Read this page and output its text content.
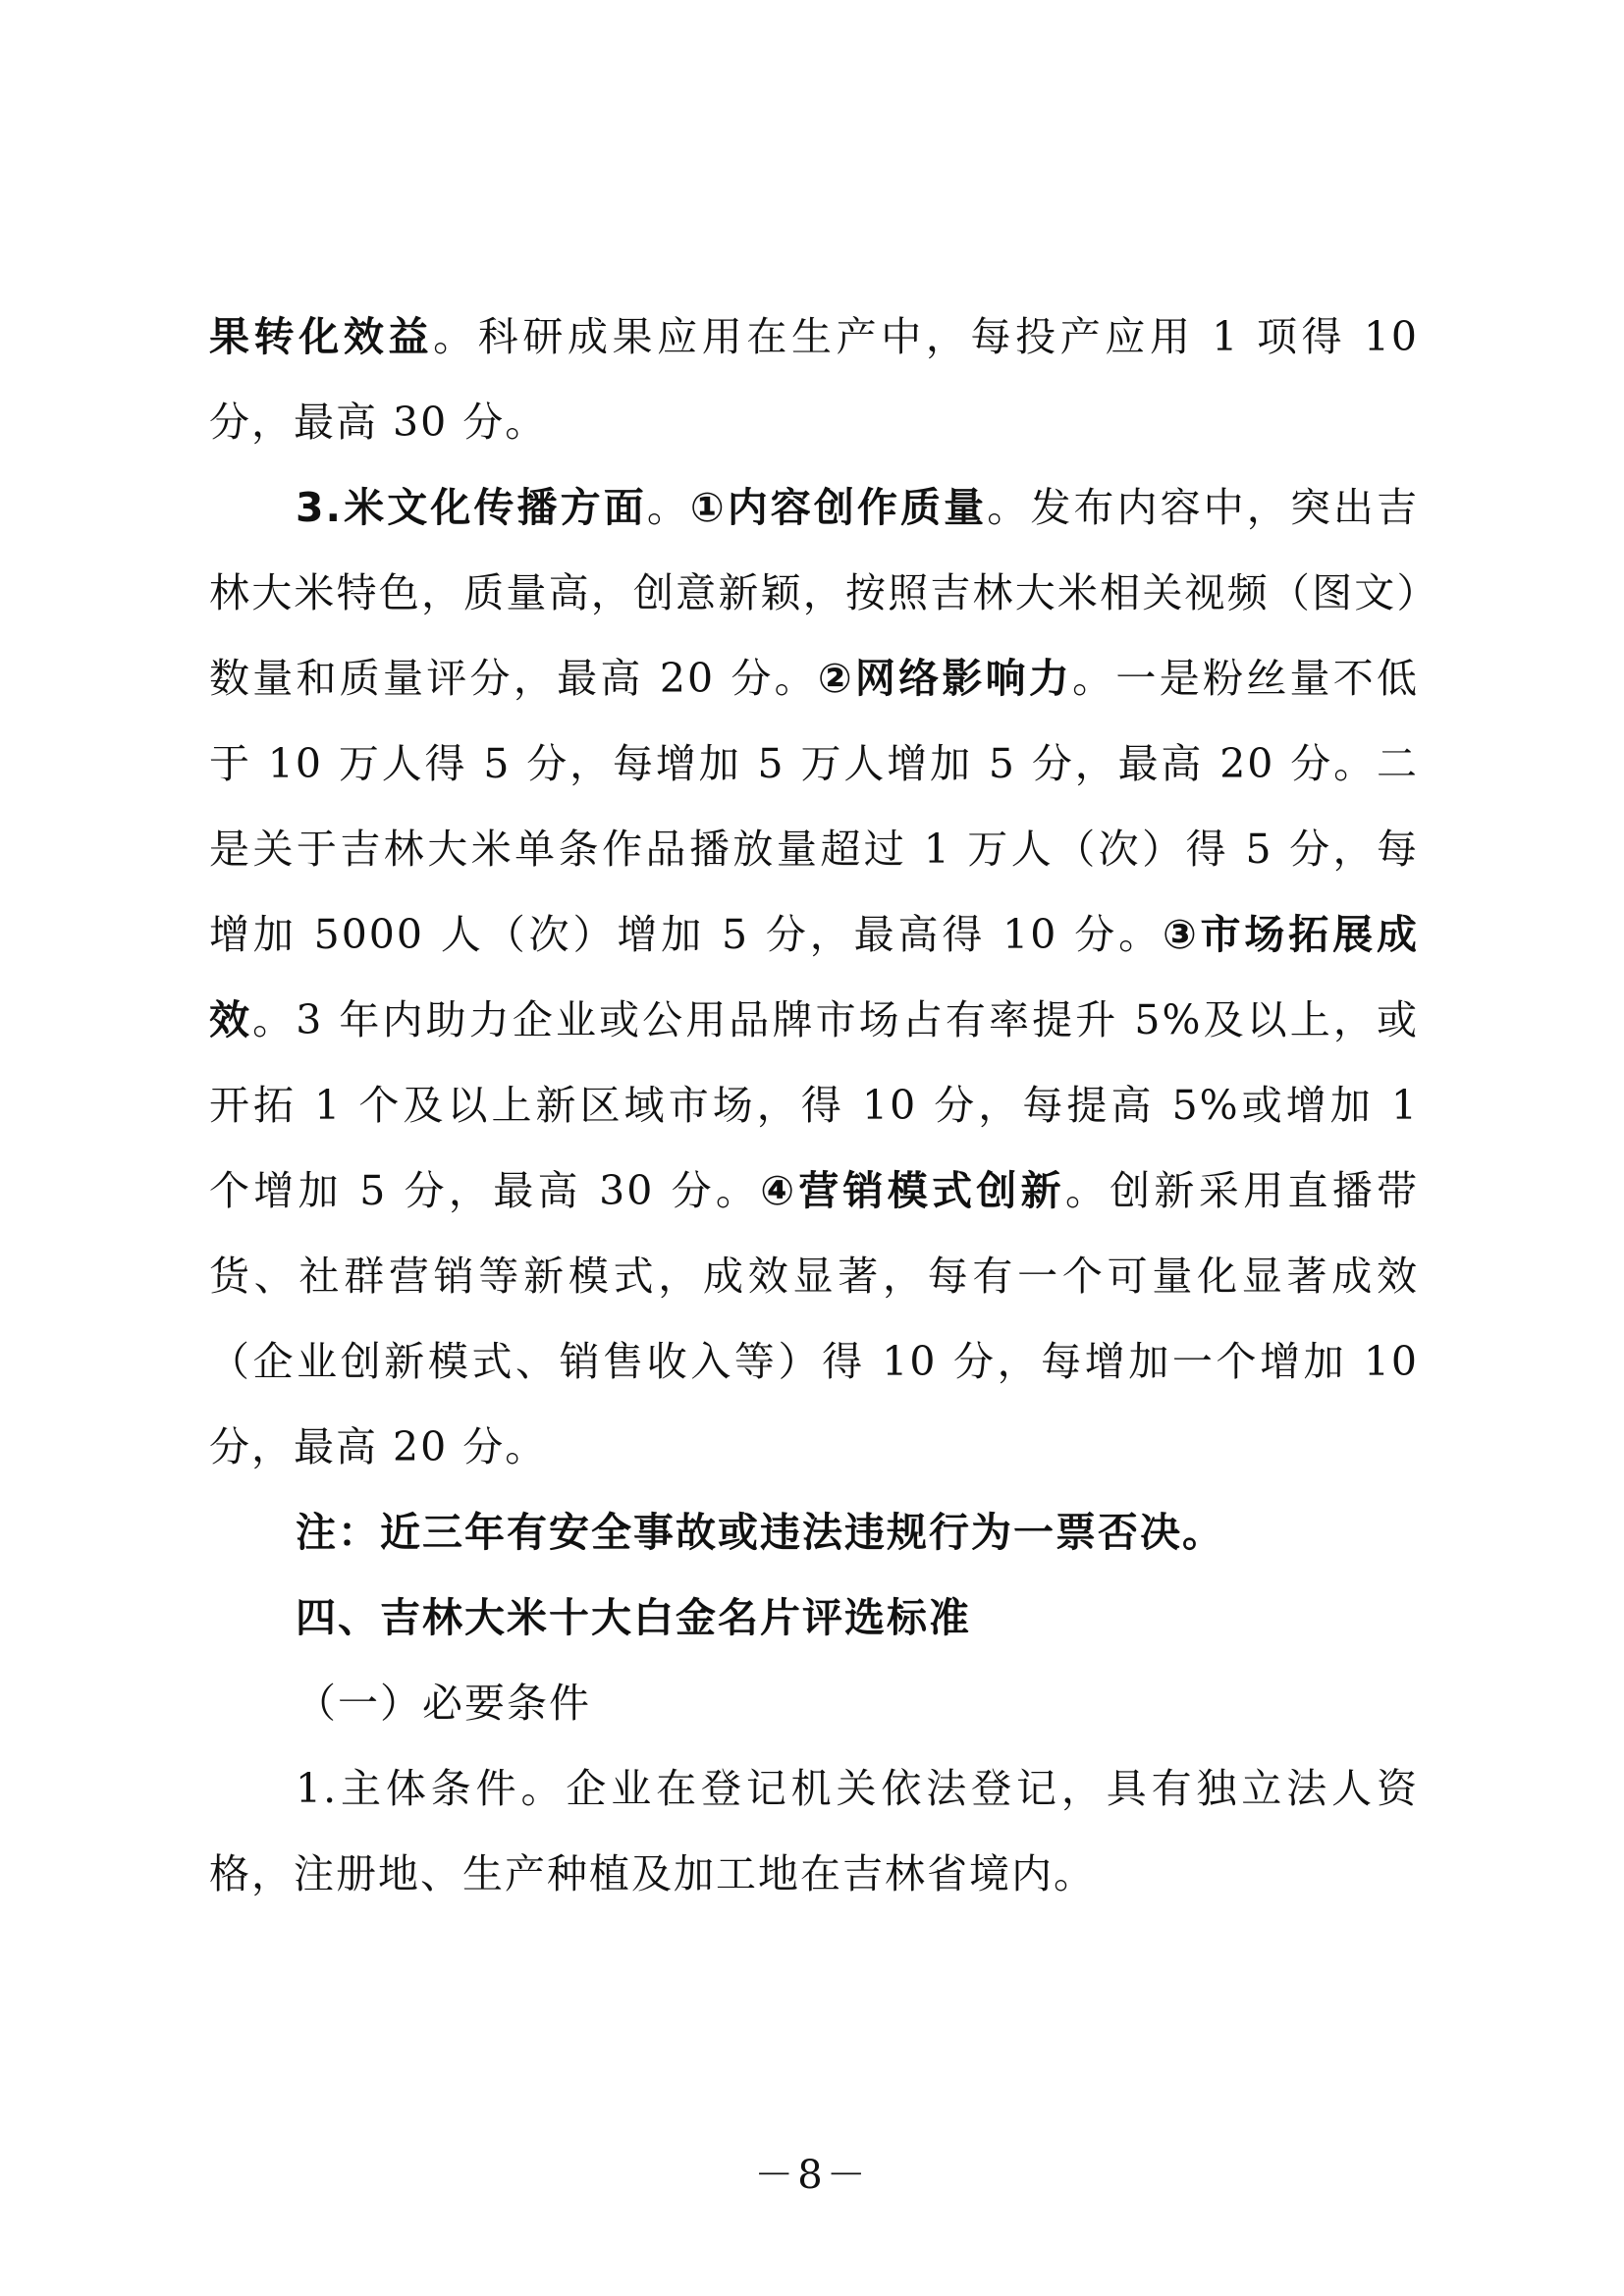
果转化效益。科研成果应用在生产中，每投产应用 1 项得 10 分，最高 30 分。

3.米文化传播方面。①内容创作质量。发布内容中，突出吉林大米特色，质量高，创意新颖，按照吉林大米相关视频（图文）数量和质量评分，最高 20 分。②网络影响力。一是粉丝量不低于 10 万人得 5 分，每增加 5 万人增加 5 分，最高 20 分。二是关于吉林大米单条作品播放量超过 1 万人（次）得 5 分，每增加 5000 人（次）增加 5 分，最高得 10 分。③市场拓展成效。3 年内助力企业或公用品牌市场占有率提升 5%及以上，或开拓 1 个及以上新区域市场，得 10 分，每提高 5%或增加 1 个增加 5 分，最高 30 分。④营销模式创新。创新采用直播带货、社群营销等新模式，成效显著，每有一个可量化显著成效（企业创新模式、销售收入等）得 10 分，每增加一个增加 10 分，最高 20 分。

注：近三年有安全事故或违法违规行为一票否决。

四、吉林大米十大白金名片评选标准

（一）必要条件

1.主体条件。企业在登记机关依法登记，具有独立法人资格，注册地、生产种植及加工地在吉林省境内。

－8－
